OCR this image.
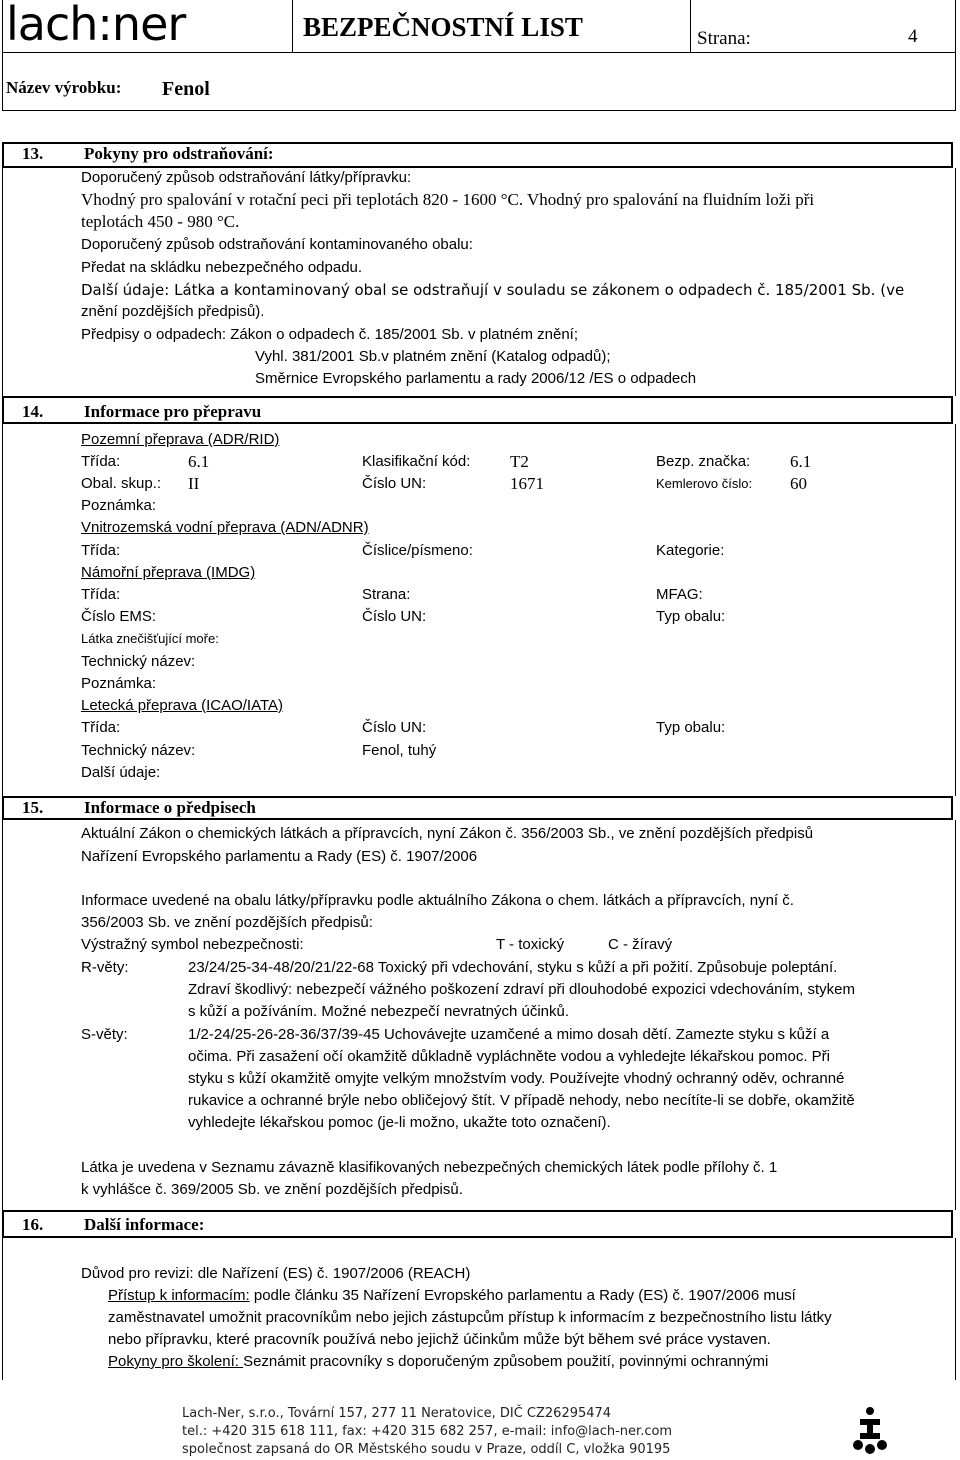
lach:ner	BEZPEČNOSTNÍ LIST	Strana:	4
Název výrobku: Fenol
13. Pokyny pro odstraňování:
Doporučený způsob odstraňování látky/přípravku:
Vhodný pro spalování v rotační peci při teplotách 820 - 1600 °C. Vhodný pro spalování na fluidním loži při
teplotách 450 - 980 °C.
Doporučený způsob odstraňování kontaminovaného obalu:
Předat na skládku nebezpečného odpadu.
Další údaje: Látka a kontaminovaný obal se odstraňují v souladu se zákonem o odpadech č. 185/2001 Sb. (ve
znění pozdějších předpisů).
Předpisy o odpadech: Zákon o odpadech č. 185/2001 Sb. v platném znění;
Vyhl. 381/2001 Sb.v platném znění (Katalog odpadů);
Směrnice Evropského parlamentu a rady 2006/12 /ES o odpadech
14. Informace pro přepravu
Pozemní přeprava (ADR/RID)
Třída:	6.1	Klasifikační kód: T2	Bezp. značka: 6.1
Obal. skup.: II	Číslo UN:	1671	Kemlerovo číslo: 60
Poznámka:
Vnitrozemská vodní přeprava (ADN/ADNR)
Třída:	Číslice/písmeno:	Kategorie:
Námořní přeprava (IMDG)
Třída:	Strana:	MFAG:
Číslo EMS:	Číslo UN:	Typ obalu:
Látka znečišťující moře:
Technický název:
Poznámka:
Letecká přeprava (ICAO/IATA)
Třída:	Číslo UN:	Typ obalu:
Technický název:	Fenol, tuhý
Další údaje:
15. Informace o předpisech
Aktuální Zákon o chemických látkách a přípravcích, nyní Zákon č. 356/2003 Sb., ve znění pozdějších předpisů
Nařízení Evropského parlamentu a Rady (ES) č. 1907/2006
Informace uvedené na obalu látky/přípravku podle aktuálního Zákona o chem. látkách a přípravcích, nyní č.
356/2003 Sb. ve znění pozdějších předpisů:
Výstražný symbol nebezpečnosti:	T - toxický	C - žíravý
R-věty:	23/24/25-34-48/20/21/22-68 Toxický při vdechování, styku s kůží a při požití. Způsobuje poleptání.
Zdraví škodlivý: nebezpečí vážného poškození zdraví při dlouhodobé expozici vdechováním, stykem
s kůží a požíváním. Možné nebezpečí nevratných účinků.
S-věty:	1/2-24/25-26-28-36/37/39-45 Uchovávejte uzamčené a mimo dosah dětí. Zamezte styku s kůží a
očima. Při zasažení očí okamžitě důkladně vypláchněte vodou a vyhledejte lékařskou pomoc. Při
styku s kůží okamžitě omyjte velkým množstvím vody. Používejte vhodný ochranný oděv, ochranné
rukavice a ochranné brýle nebo obličejový štít. V případě nehody, nebo necítíte-li se dobře, okamžitě
vyhledejte lékařskou pomoc (je-li možno, ukažte toto označení).
Látka je uvedena v Seznamu závazně klasifikovaných nebezpečných chemických látek podle přílohy č. 1
k vyhlášce č. 369/2005 Sb. ve znění pozdějších předpisů.
16. Další informace:
Důvod pro revizi: dle Nařízení (ES) č. 1907/2006 (REACH)
Přístup k informacím: podle článku 35 Nařízení Evropského parlamentu a Rady (ES) č. 1907/2006 musí
zaměstnavatel umožnit pracovníkům nebo jejich zástupcům přístup k informacím z bezpečnostního listu látky
nebo přípravku, které pracovník používá nebo jejichž účinkům může být během své práce vystaven.
Pokyny pro školení: Seznámit pracovníky s doporučeným způsobem použití, povinnými ochrannými
Lach-Ner, s.r.o., Tovární 157, 277 11 Neratovice, DIČ CZ26295474
tel.: +420 315 618 111, fax: +420 315 682 257, e-mail: info@lach-ner.com
společnost zapsaná do OR Městského soudu v Praze, oddíl C, vložka 90195
